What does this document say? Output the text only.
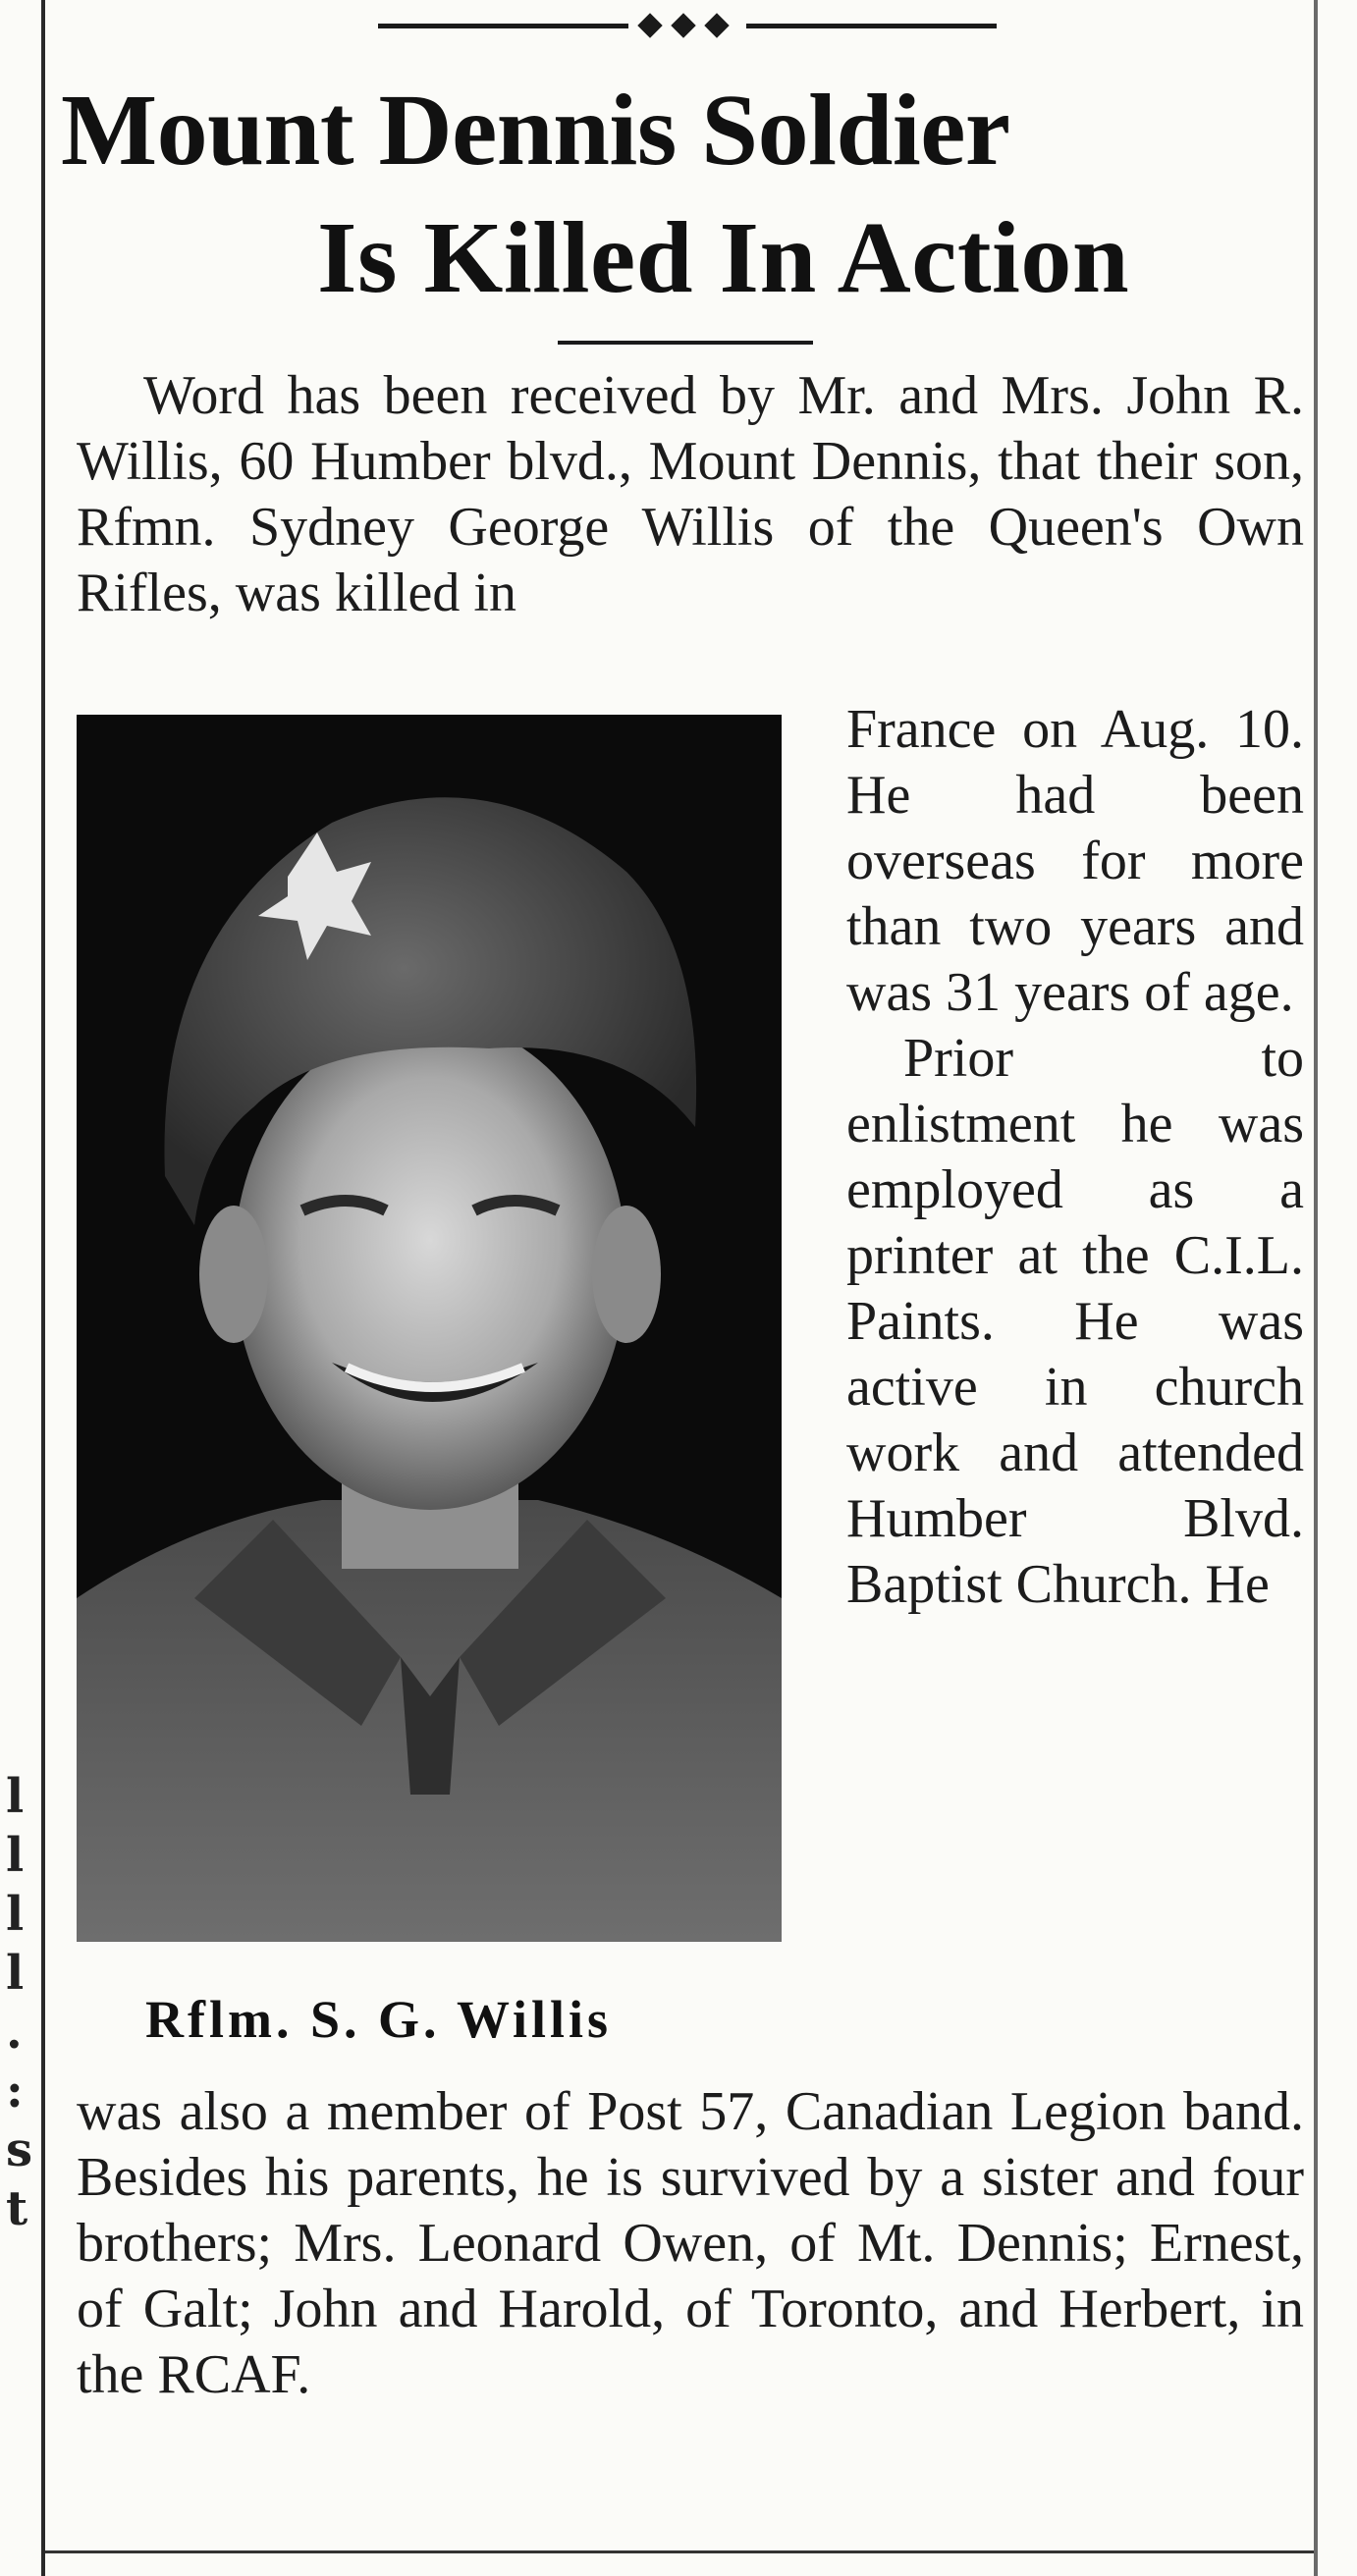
l
l
l
l
.
:
s
t
Mount Dennis Soldier
Is Killed In Action

Word has been received by Mr. and Mrs. John R. Willis, 60 Humber blvd., Mount Dennis, that their son, Rfmn. Sydney George Willis of the Queen's Own Rifles, was killed in

Rflm. S. G. Willis

France on Aug. 10. He had been overseas for more than two years and was 31 years of age.

Prior to enlistment he was employed as a printer at the C.I.L. Paints. He was active in church work and attended Humber Blvd. Baptist Church. He

was also a member of Post 57, Canadian Legion band. Besides his parents, he is survived by a sister and four brothers; Mrs. Leonard Owen, of Mt. Dennis; Ernest, of Galt; John and Harold, of Toronto, and Herbert, in the RCAF.
